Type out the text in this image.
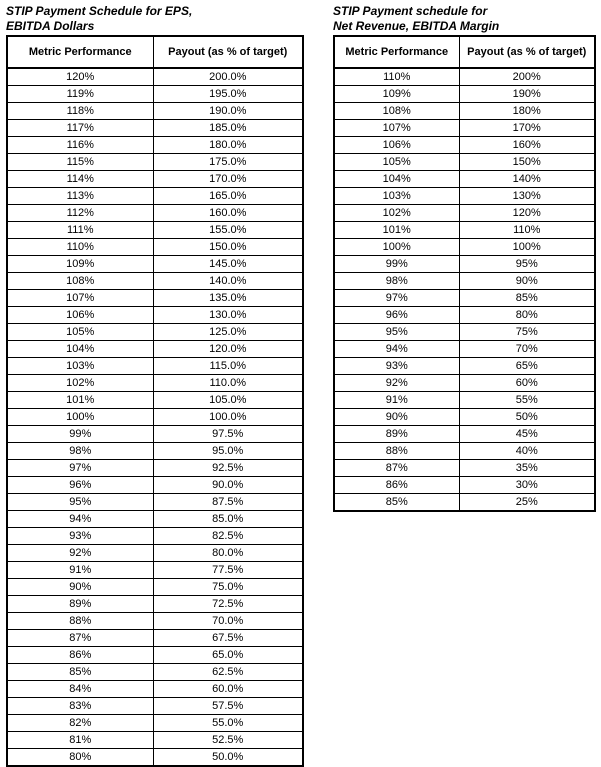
STIP Payment Schedule for EPS,
EBITDA Dollars
Metric Performance	Payout (as % of target)
120%	200.0%
119%	195.0%
118%	190.0%
117%	185.0%
116%	180.0%
115%	175.0%
114%	170.0%
113%	165.0%
112%	160.0%
111%	155.0%
110%	150.0%
109%	145.0%
108%	140.0%
107%	135.0%
106%	130.0%
105%	125.0%
104%	120.0%
103%	115.0%
102%	110.0%
101%	105.0%
100%	100.0%
99%	97.5%
98%	95.0%
97%	92.5%
96%	90.0%
95%	87.5%
94%	85.0%
93%	82.5%
92%	80.0%
91%	77.5%
90%	75.0%
89%	72.5%
88%	70.0%
87%	67.5%
86%	65.0%
85%	62.5%
84%	60.0%
83%	57.5%
82%	55.0%
81%	52.5%
80%	50.0%
STIP Payment schedule for
Net Revenue, EBITDA Margin
Metric Performance	Payout (as % of target)
110%	200%
109%	190%
108%	180%
107%	170%
106%	160%
105%	150%
104%	140%
103%	130%
102%	120%
101%	110%
100%	100%
99%	95%
98%	90%
97%	85%
96%	80%
95%	75%
94%	70%
93%	65%
92%	60%
91%	55%
90%	50%
89%	45%
88%	40%
87%	35%
86%	30%
85%	25%
